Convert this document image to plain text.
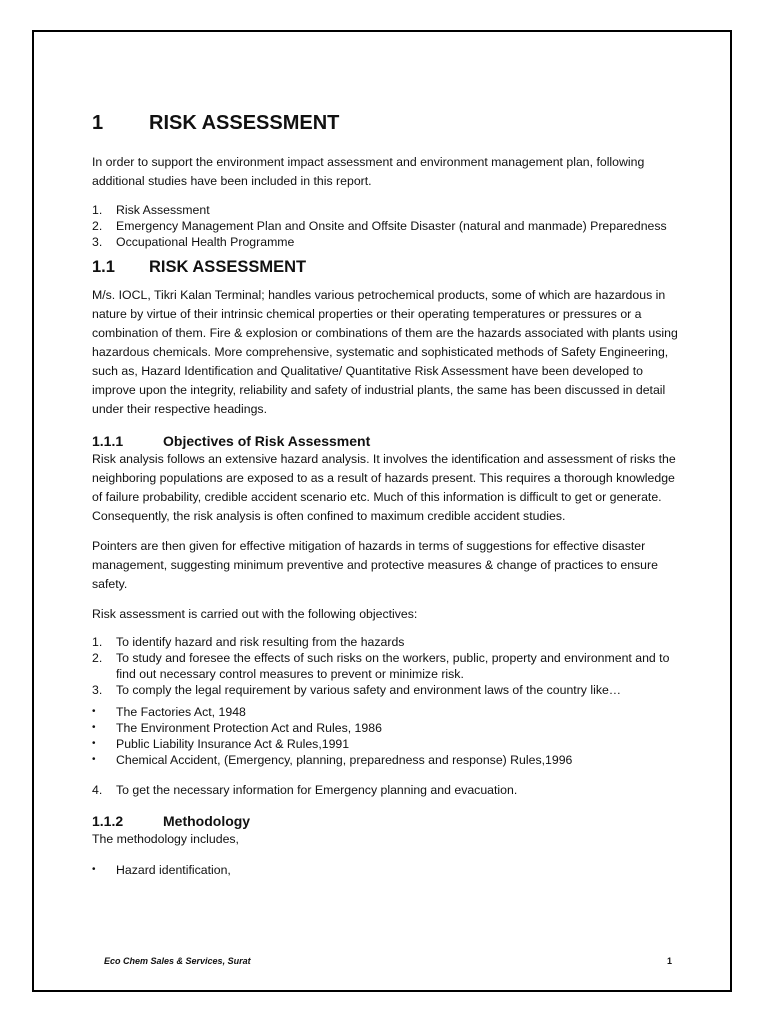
1	RISK ASSESSMENT

In order to support the environment impact assessment and environment management plan, following additional studies have been included in this report.

1.	Risk Assessment
2.	Emergency Management Plan and Onsite and Offsite Disaster (natural and manmade) Preparedness
3.	Occupational Health Programme
1.1	RISK ASSESSMENT

M/s. IOCL, Tikri Kalan Terminal; handles various petrochemical products, some of which are hazardous in nature by virtue of their intrinsic chemical properties or their operating temperatures or pressures or a combination of them. Fire & explosion or combinations of them are the hazards associated with plants using hazardous chemicals. More comprehensive, systematic and sophisticated methods of Safety Engineering, such as, Hazard Identification and Qualitative/ Quantitative Risk Assessment have been developed to improve upon the integrity, reliability and safety of industrial plants, the same has been discussed in detail under their respective headings.

1.1.1	Objectives of Risk Assessment

Risk analysis follows an extensive hazard analysis. It involves the identification and assessment of risks the neighboring populations are exposed to as a result of hazards present. This requires a thorough knowledge of failure probability, credible accident scenario etc. Much of this information is difficult to get or generate. Consequently, the risk analysis is often confined to maximum credible accident studies.

Pointers are then given for effective mitigation of hazards in terms of suggestions for effective disaster management, suggesting minimum preventive and protective measures & change of practices to ensure safety.

Risk assessment is carried out with the following objectives:

1.	To identify hazard and risk resulting from the hazards
2.	To study and foresee the effects of such risks on the workers, public, property and environment and to find out necessary control measures to prevent or minimize risk.
3.	To comply the legal requirement by various safety and environment laws of the country like…
•	The Factories Act, 1948
•	The Environment Protection Act and Rules, 1986
•	Public Liability Insurance Act & Rules,1991
•	Chemical Accident, (Emergency, planning, preparedness and response) Rules,1996
4.	To get the necessary information for Emergency planning and evacuation.
1.1.2	Methodology

The methodology includes,

•	Hazard identification,
Eco Chem Sales & Services, Surat	1
